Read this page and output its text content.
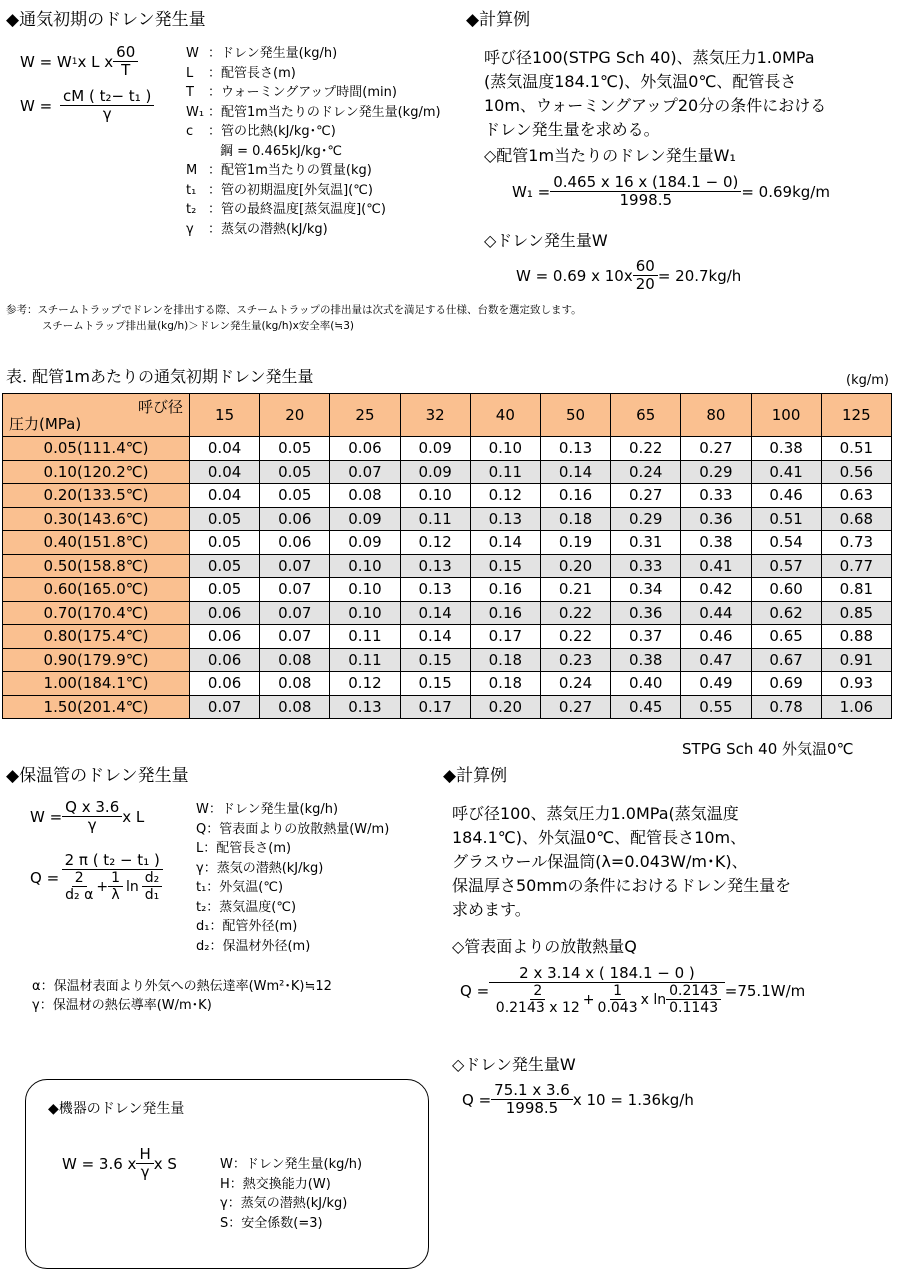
◆通気初期のドレン発生量
W = W 1 x L x $\frac{60}{T}$
$W = \frac{\text{cM ( t₂− t₁ )}}{\gamma}$
W ：ドレン発生量(kg/h)
L ：配管長さ(m)
T ：ウォーミングアップ時間(min)
W₁ ：配管1m当たりのドレン発生量(kg/m)
c ：管の比熱(kJ/kg･℃)
鋼 = 0.465kJ/kg･℃
M ：配管1m当たりの質量(kg)
t₁ ：管の初期温度[外気温](℃)
t₂ ：管の最終温度[蒸気温度](℃)
γ ：蒸気の潜熱(kJ/kg)
◆計算例
呼び径100(STPG Sch 40)、蒸気圧力1.0MPa
(蒸気温度184.1℃)、外気温0℃、配管長さ
10m、ウォーミングアップ20分の条件における
ドレン発生量を求める。
◇配管1m当たりのドレン発生量W₁
$W_1 = \frac{0.465 x 16 x (184.1 - 0)}{1998.5} = 0.69kg/m$
◇ドレン発生量W
W = 0.69 x $10x \frac{60}{20} = 20.7kg/h$
参考：スチームトラップでドレンを排出する際、スチームトラップの排出量は次式を満足する仕様、台数を選定致します。
スチームトラップ排出量(kg/h)＞ドレン発生量(kg/h)x安全率(≒3)
表. 配管1mあたりの通気初期ドレン発生量	(kg/m)
呼び径
圧力(MPa)	15	20	25	32	40	50	65	80	100	125
0.05(111.4℃)	0.04	0.05	0.06	0.09	0.10	0.13	0.22	0.27	0.38	0.51
0.10(120.2℃)	0.04	0.05	0.07	0.09	0.11	0.14	0.24	0.29	0.41	0.56
0.20(133.5℃)	0.04	0.05	0.08	0.10	0.12	0.16	0.27	0.33	0.46	0.63
0.30(143.6℃)	0.05	0.06	0.09	0.11	0.13	0.18	0.29	0.36	0.51	0.68
0.40(151.8℃)	0.05	0.06	0.09	0.12	0.14	0.19	0.31	0.38	0.54	0.73
0.50(158.8℃)	0.05	0.07	0.10	0.13	0.15	0.20	0.33	0.41	0.57	0.77
0.60(165.0℃)	0.05	0.07	0.10	0.13	0.16	0.21	0.34	0.42	0.60	0.81
0.70(170.4℃)	0.06	0.07	0.10	0.14	0.16	0.22	0.36	0.44	0.62	0.85
0.80(175.4℃)	0.06	0.07	0.11	0.14	0.17	0.22	0.37	0.46	0.65	0.88
0.90(179.9℃)	0.06	0.08	0.11	0.15	0.18	0.23	0.38	0.47	0.67	0.91
1.00(184.1℃)	0.06	0.08	0.12	0.15	0.18	0.24	0.40	0.49	0.69	0.93
1.50(201.4℃)	0.07	0.08	0.13	0.17	0.20	0.27	0.45	0.55	0.78	1.06
STPG Sch 40 外気温0℃
◆保温管のドレン発生量
$W = \frac{\text{Q x 3.6}}{\gamma}$ x L
$Q = \frac{\text{2 π ( t₂ − t₁ )}}{\frac{2}{\text{d₂ α}} + \frac{1}{\lambda} \ln \frac{\text{d₂}}{\text{d₁}}}$
W：ドレン発生量(kg/h)
Q：管表面よりの放散熱量(W/m)
L：配管長さ(m)
γ：蒸気の潜熱(kJ/kg)
t₁：外気温(℃)
t₂：蒸気温度(℃)
d₁：配管外径(m)
d₂：保温材外径(m)
α：保温材表面より外気への熱伝達率(Wm²･K)≒12
γ：保温材の熱伝導率(W/m･K)
◆計算例
呼び径100、蒸気圧力1.0MPa(蒸気温度
184.1℃)、外気温0℃、配管長さ10m、
グラスウール保温筒(λ=0.043W/m･K)、
保温厚さ50mmの条件におけるドレン発生量を
求めます。
◇管表面よりの放散熱量Q
Q =
2 x 3.14 x ( 184.1 − 0 )
$\frac{2}{0.2143 x 12} + \frac{1}{0.043}$ x $\ln \frac{0.2143}{0.1143} =75.1W/m$
◇ドレン発生量W
$Q = \frac{75.1 x 3.6}{1998.5}$ x 10 = 1.36kg/h
◆機器のドレン発生量
W = 3.6 x $\frac{H}{\gamma}$ x S	W：ドレン発生量(kg/h)
H：熱交換能力(W)
γ：蒸気の潜熱(kJ/kg)
S：安全係数(=3)
